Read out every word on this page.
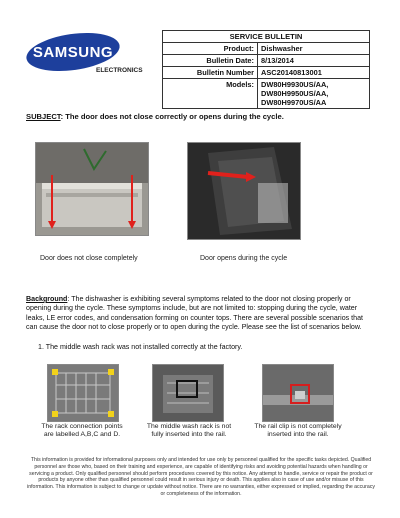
SAMSUNG
ELECTRONICS
SERVICE BULLETIN	
Product:	Dishwasher
Bulletin Date:	8/13/2014
Bulletin Number	ASC20140813001
Models:	DW80H9930US/AA, DW80H9950US/AA, DW80H9970US/AA
SUBJECT: The door does not close correctly or opens during the cycle.
Door does not close completely	Door opens during the cycle
Background: The dishwasher is exhibiting several symptoms related to the door not closing properly or opening during the cycle. These symptoms include, but are not limited to: stopping during the cycle, water leaks, LE error codes, and condensation forming on counter tops. There are several possible scenarios that can cause the door not to close properly or to open during the cycle. Please see the list of scenarios below.
1. The middle wash rack was not installed correctly at the factory.
The rack connection points are labelled A,B,C and D.
The middle wash rack is not fully inserted into the rail.
The rail clip is not completely inserted into the rail.
This information is provided for informational purposes only and intended for use only by personnel qualified for the specific tasks depicted. Qualified personnel are those who, based on their training and experience, are capable of identifying risks and avoiding potential hazards when handling or servicing a product. Only qualified personnel should perform procedures covered by this notice. Any attempt to handle, service or repair the product or products by anyone other than qualified personnel could result in serious injury or death. This applies also in case of use and/or misuse of this information. This information is subject to change or update without notice. There are no warranties, either expressed or implied, regarding the accuracy or completeness of the information.
